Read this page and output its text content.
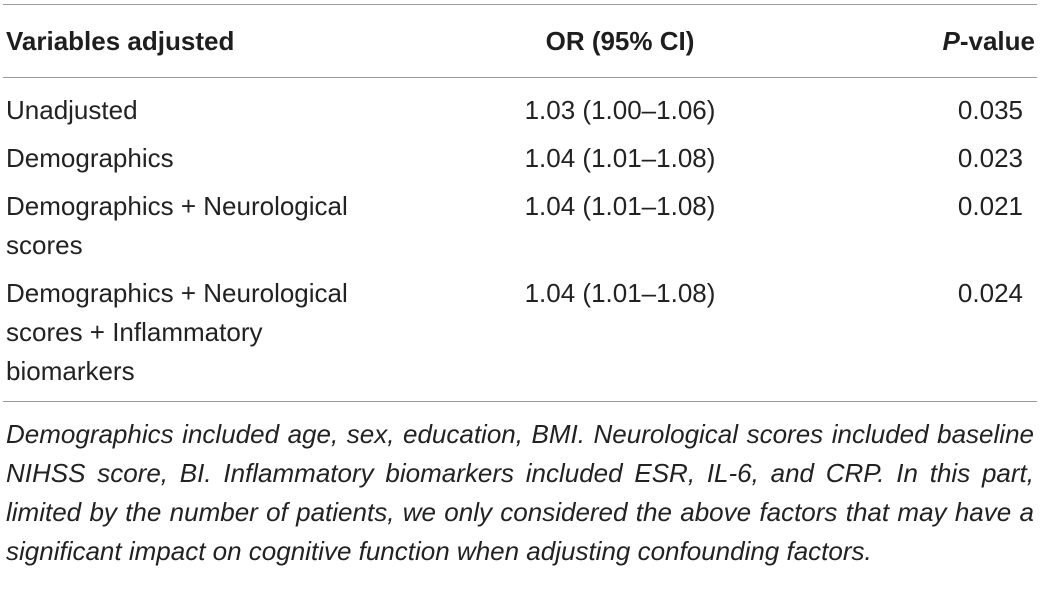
Variables adjusted	OR (95% CI)	P-value
Unadjusted	1.03 (1.00–1.06)	0.035
Demographics	1.04 (1.01–1.08)	0.023
Demographics + Neurological
scores	1.04 (1.01–1.08)	0.021
Demographics + Neurological
scores + Inflammatory
biomarkers	1.04 (1.01–1.08)	0.024

Demographics included age, sex, education, BMI. Neurological scores included baseline NIHSS score, BI. Inflammatory biomarkers included ESR, IL-6, and CRP. In this part, limited by the number of patients, we only considered the above factors that may have a significant impact on cognitive function when adjusting confounding factors.
